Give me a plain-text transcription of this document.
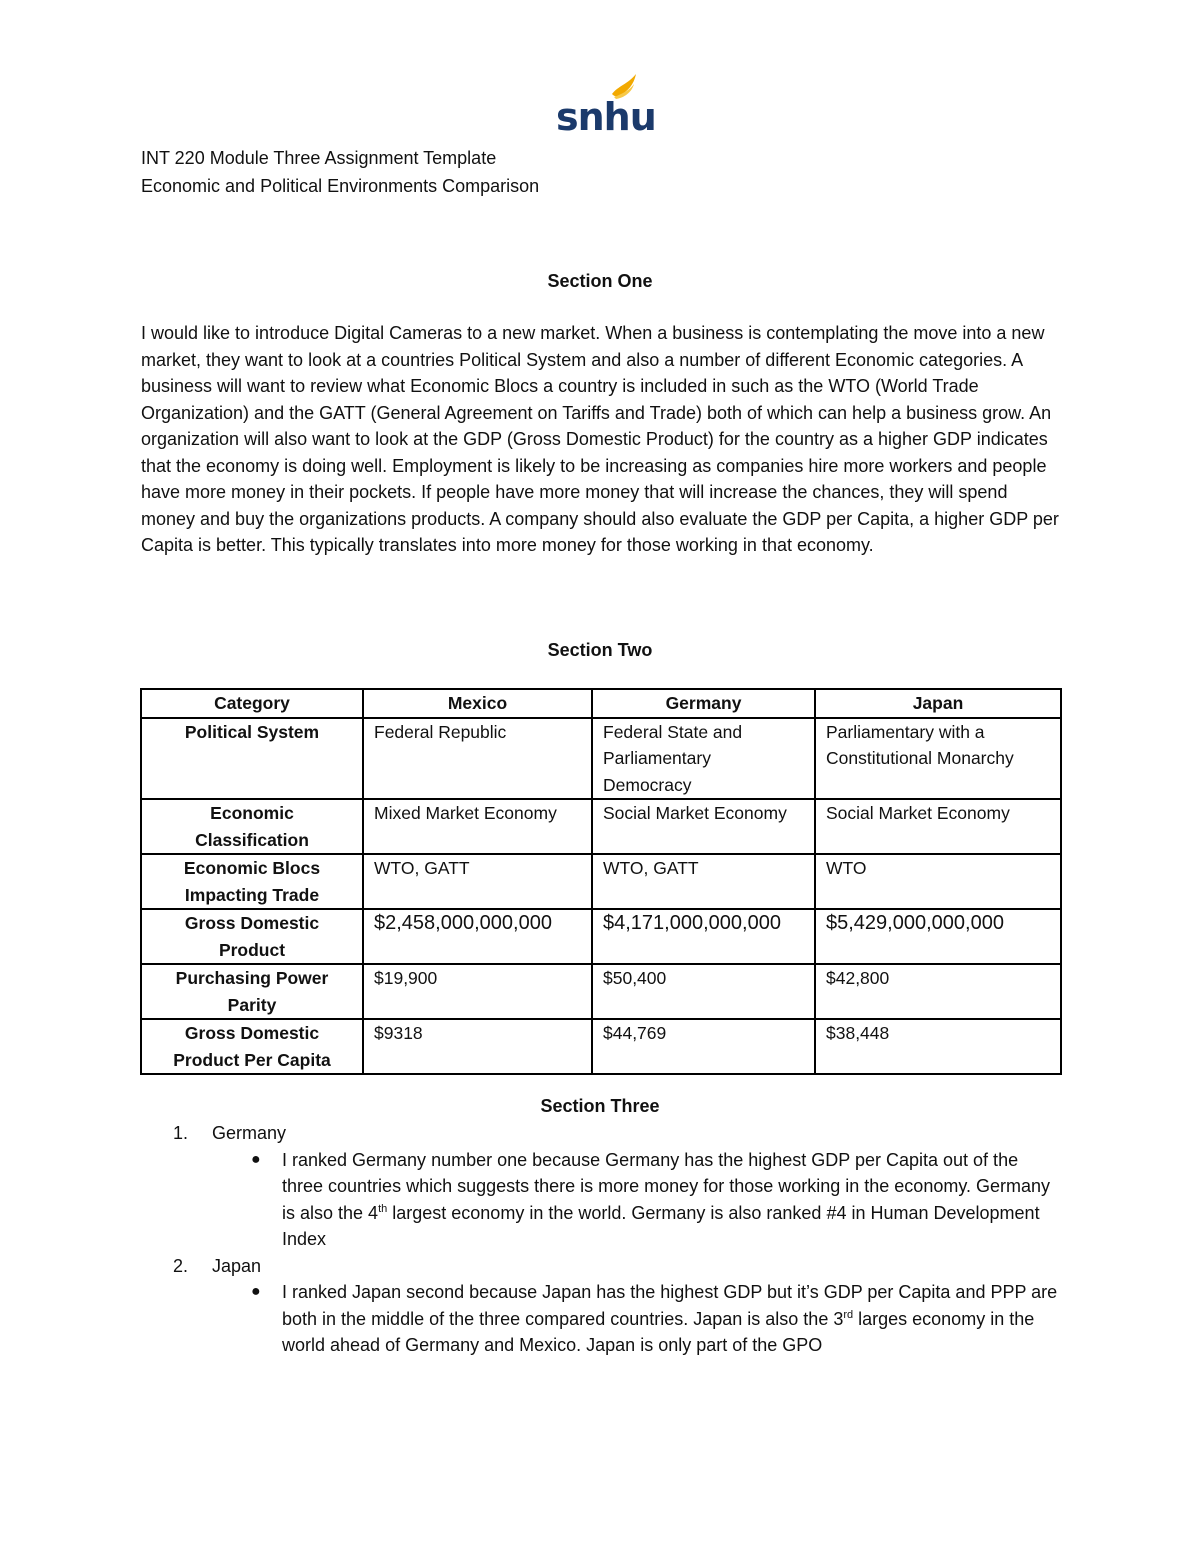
snhu
INT 220 Module Three Assignment Template
Economic and Political Environments Comparison
Section One
I would like to introduce Digital Cameras to a new market. When a business is contemplating the move into a new market, they want to look at a countries Political System and also a number of different Economic categories. A business will want to review what Economic Blocs a country is included in such as the WTO (World Trade Organization) and the GATT (General Agreement on Tariffs and Trade) both of which can help a business grow. An organization will also want to look at the GDP (Gross Domestic Product) for the country as a higher GDP indicates that the economy is doing well. Employment is likely to be increasing as companies hire more workers and people have more money in their pockets. If people have more money that will increase the chances, they will spend money and buy the organizations products. A company should also evaluate the GDP per Capita, a higher GDP per Capita is better. This typically translates into more money for those working in that economy.
Section Two
Category	Mexico	Germany	Japan
Political System	Federal Republic	Federal State and Parliamentary Democracy	Parliamentary with a Constitutional Monarchy
Economic Classification	Mixed Market Economy	Social Market Economy	Social Market Economy
Economic Blocs Impacting Trade	WTO, GATT	WTO, GATT	WTO
Gross Domestic Product	$2,458,000,000,000	$4,171,000,000,000	$5,429,000,000,000
Purchasing Power Parity	$19,900	$50,400	$42,800
Gross Domestic Product Per Capita	$9318	$44,769	$38,448
Section Three
1. Germany
● I ranked Germany number one because Germany has the highest GDP per Capita out of the three countries which suggests there is more money for those working in the economy. Germany is also the 4th largest economy in the world. Germany is also ranked #4 in Human Development Index
2. Japan
● I ranked Japan second because Japan has the highest GDP but it’s GDP per Capita and PPP are both in the middle of the three compared countries. Japan is also the 3rd larges economy in the world ahead of Germany and Mexico. Japan is only part of the GPO
